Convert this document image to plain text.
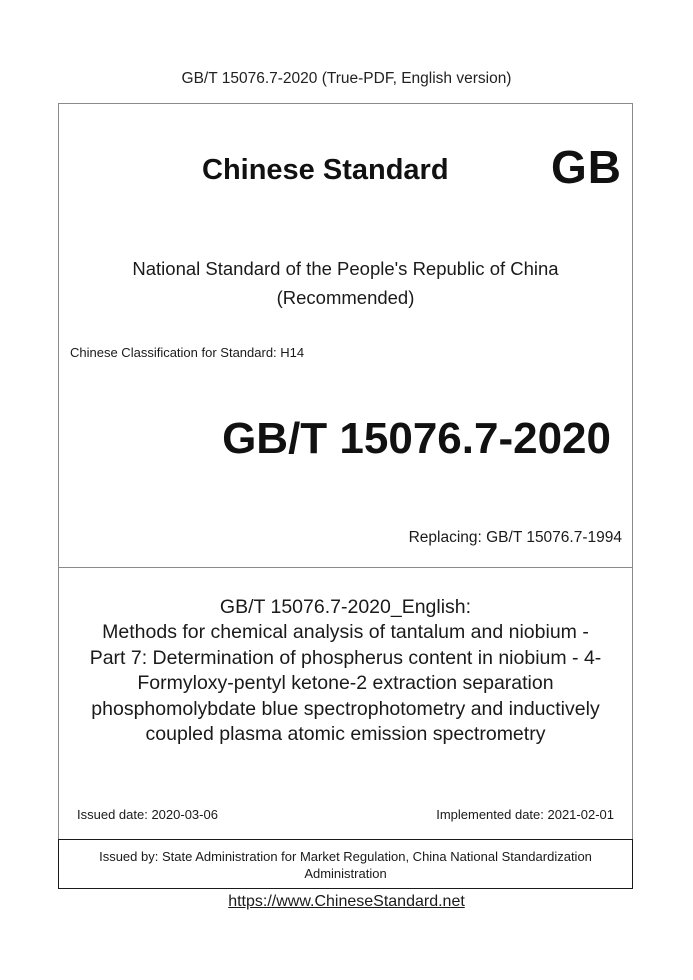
GB/T 15076.7-2020 (True-PDF, English version)
Chinese Standard GB
National Standard of the People's Republic of China
(Recommended)
Chinese Classification for Standard: H14
GB/T 15076.7-2020
Replacing: GB/T 15076.7-1994
GB/T 15076.7-2020_English:
Methods for chemical analysis of tantalum and niobium -
Part 7: Determination of phospherus content in niobium - 4-
Formyloxy-pentyl ketone-2 extraction separation
phosphomolybdate blue spectrophotometry and inductively
coupled plasma atomic emission spectrometry
Issued date: 2020-03-06	Implemented date: 2021-02-01
Issued by: State Administration for Market Regulation, China National Standardization
Administration
https://www.ChineseStandard.net
